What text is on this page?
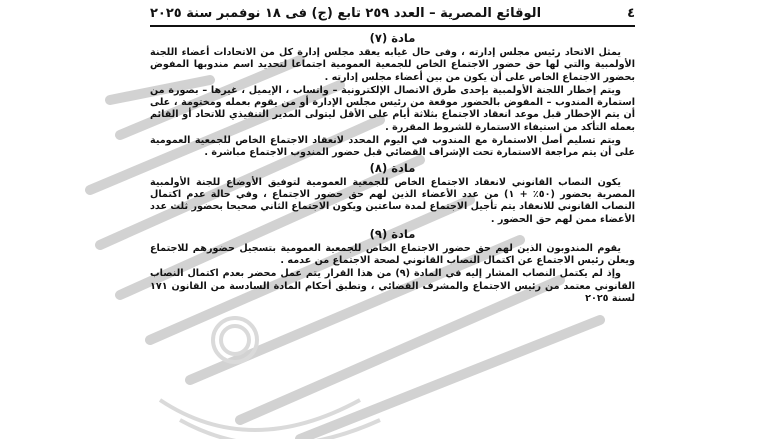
٤
الوقائع المصرية – العدد ٢٥٩ تابع (ج) فى ١٨ نوفمبر سنة ٢٠٢٥
مادة (٧)

يمثل الاتحاد رئيس مجلس إدارته ، وفى حال غيابه يعقد مجلس إدارة كل من الاتحادات أعضاء اللجنة الأولمبية والتي لها حق حضور الاجتماع الخاص للجمعية العمومية اجتماعا لتحديد اسم مندوبها المفوض بحضور الاجتماع الخاص على أن يكون من بين أعضاء مجلس إدارته .

ويتم إخطار اللجنة الأولمبية بإحدى طرق الاتصال الإلكترونية – واتساب ، الإيميل ، غيرها – بصورة من استمارة المندوب – المفوض بالحضور موقعة من رئيس مجلس الإدارة أو من يقوم بعمله ومختومة ، على أن يتم الإخطار قبل موعد انعقاد الاجتماع بثلاثة أيام على الأقل ليتولى المدير التنفيذي للاتحاد أو القائم بعمله التأكد من استيفاء الاستمارة للشروط المقررة .

ويتم تسليم أصل الاستمارة مع المندوب في اليوم المحدد لانعقاد الاجتماع الخاص للجمعية العمومية على أن يتم مراجعة الاستمارة تحت الإشراف القضائي قبل حضور المندوب الاجتماع مباشرة .

مادة (٨)

يكون النصاب القانوني لانعقاد الاجتماع الخاص للجمعية العمومية لتوفيق الأوضاع للجنة الأولمبية المصرية بحضور (٥٠٪ + ١) من عدد الأعضاء الذين لهم حق حضور الاجتماع ، وفي حالة عدم اكتمال النصاب القانوني للانعقاد يتم تأجيل الاجتماع لمدة ساعتين ويكون الاجتماع الثاني صحيحا بحضور ثلث عدد الأعضاء ممن لهم حق الحضور .

مادة (٩)

يقوم المندوبون الذين لهم حق حضور الاجتماع الخاص للجمعية العمومية بتسجيل حضورهم للاجتماع ويعلن رئيس الاجتماع عن اكتمال النصاب القانوني لصحة الاجتماع من عدمه .

وإذ لم يكتمل النصاب المشار إليه في المادة (٩) من هذا القرار يتم عمل محضر بعدم اكتمال النصاب القانوني معتمد من رئيس الاجتماع والمشرف القضائي ، وتطبق أحكام المادة السادسة من القانون ١٧١ لسنة ٢٠٢٥
